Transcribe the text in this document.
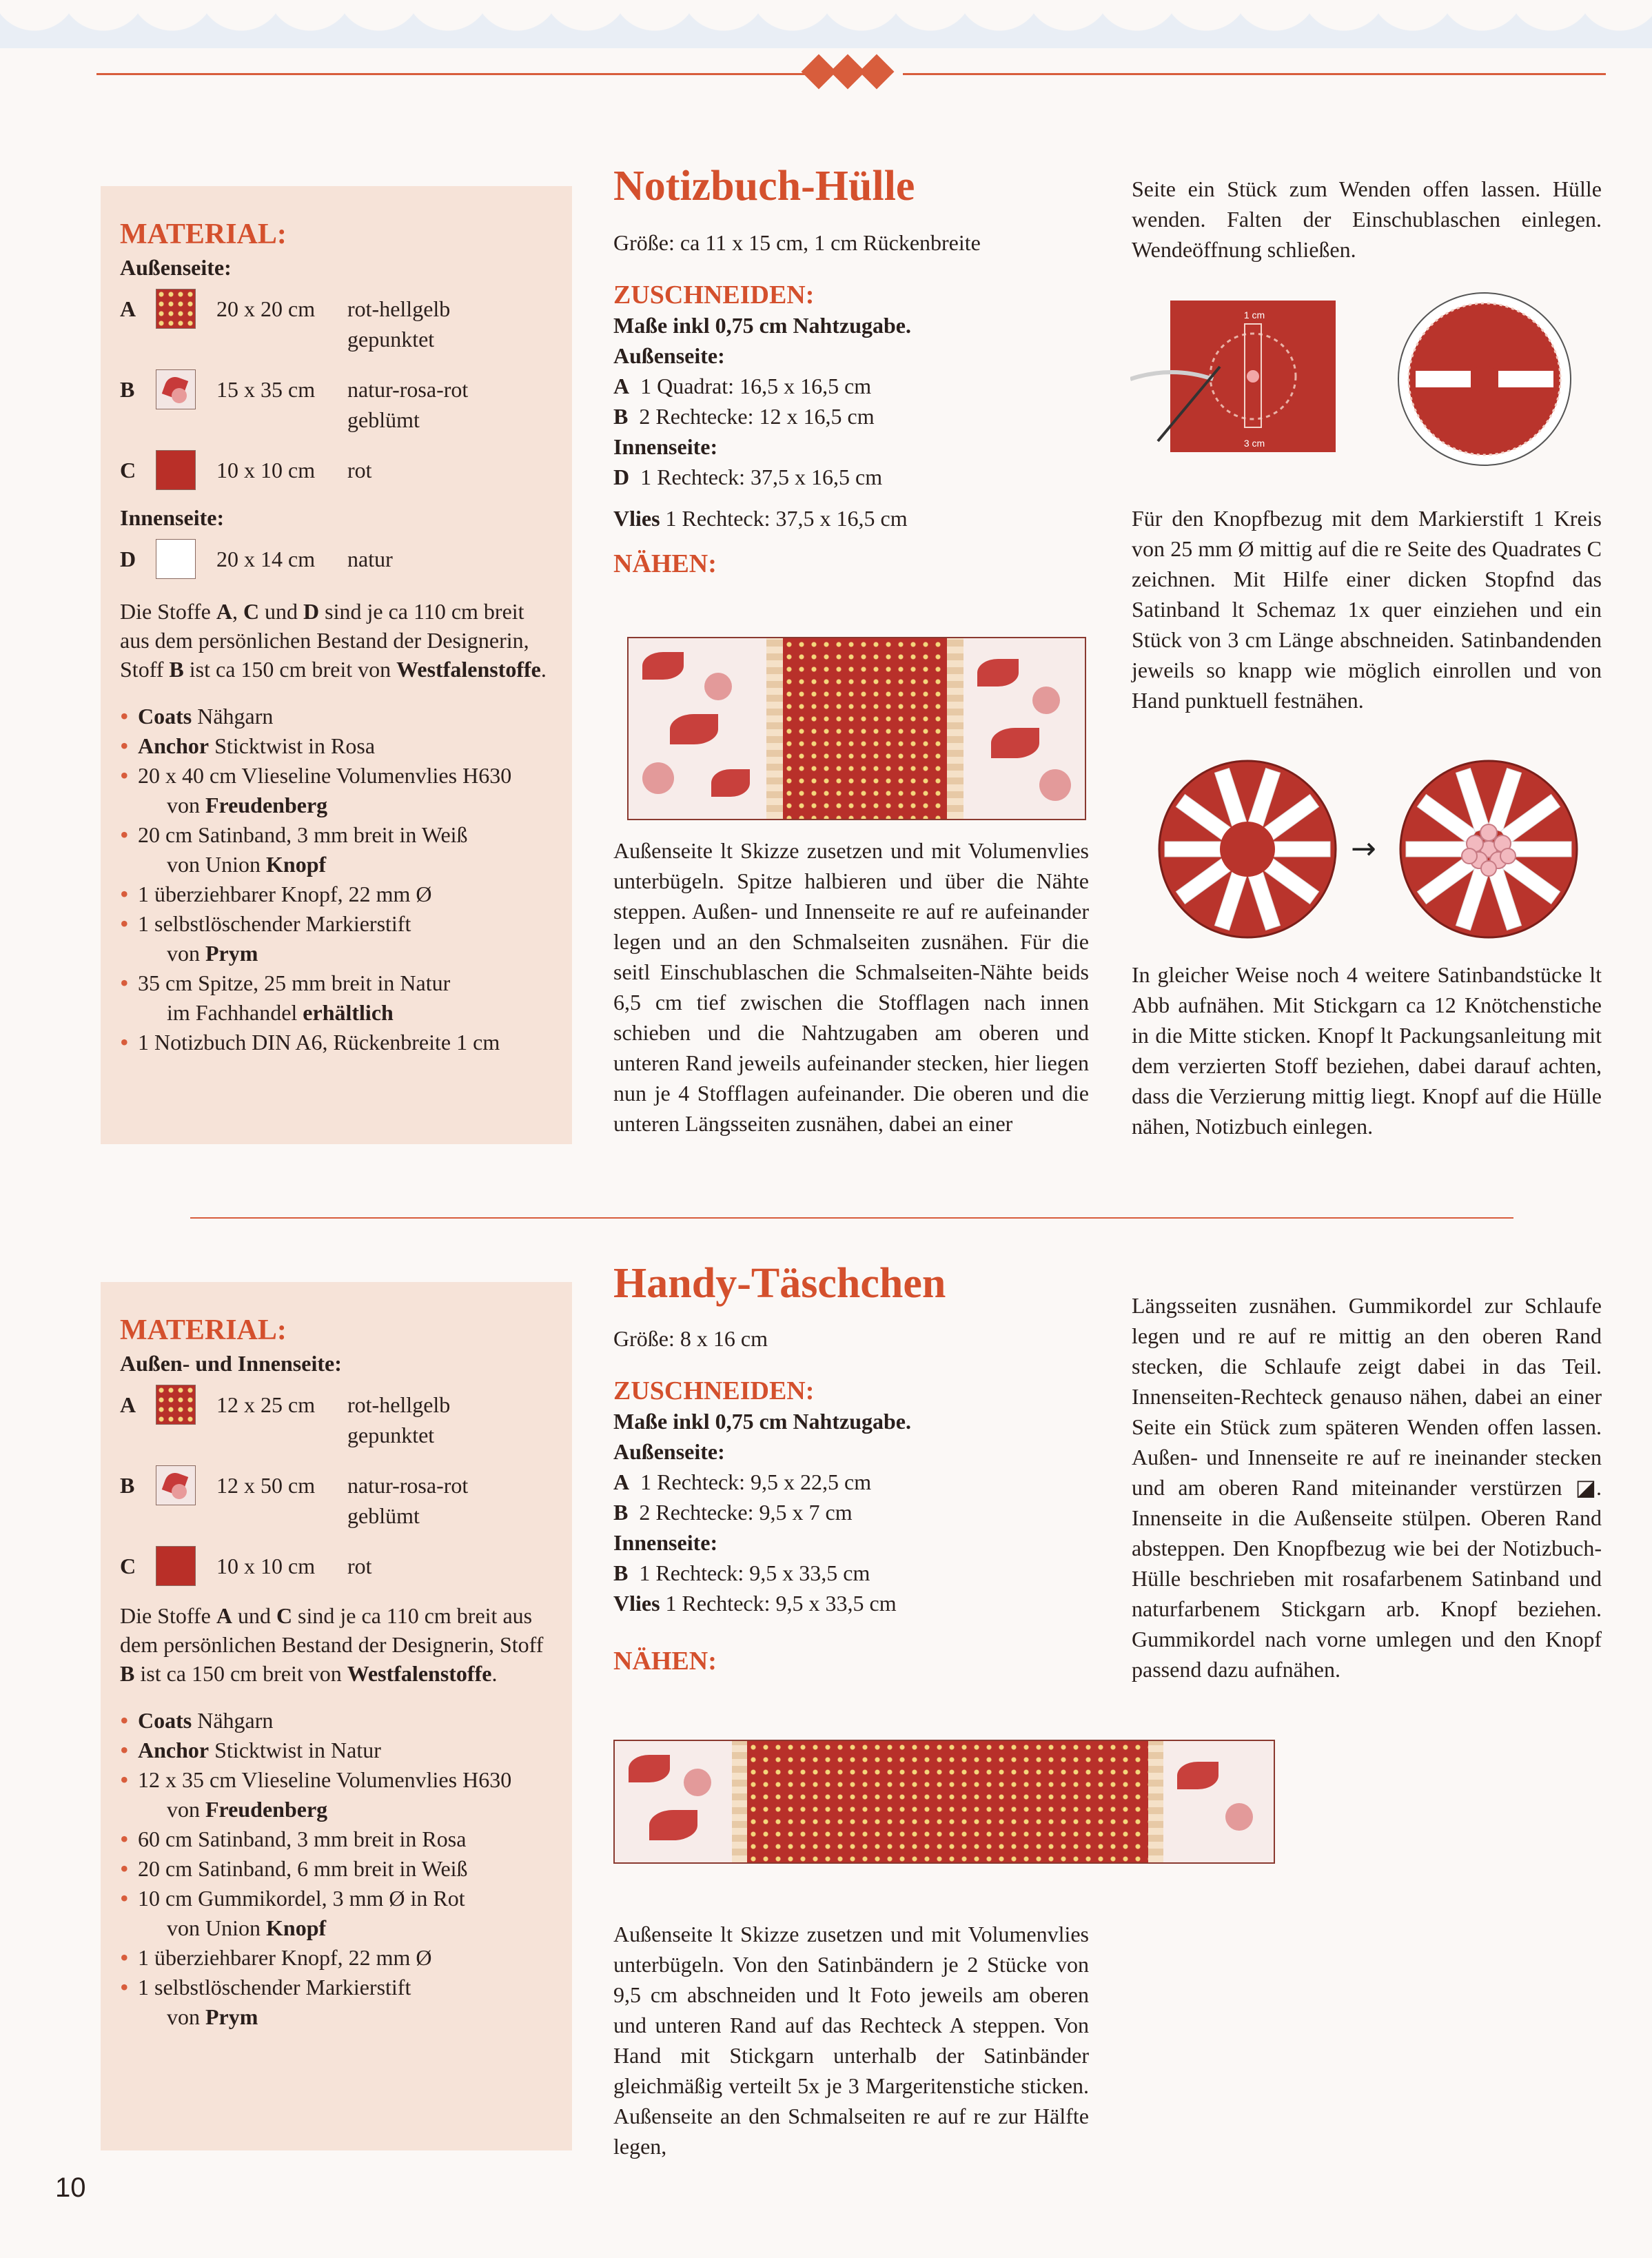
MATERIAL:
Außenseite:
A	20 x 20 cm	rot-hellgelb gepunktet
B	15 x 35 cm	natur-rosa-rot geblümt
C	10 x 10 cm	rot
Innenseite:
D	20 x 14 cm	natur

Die Stoffe A, C und D sind je ca 110 cm breit aus dem persönlichen Bestand der Designerin, Stoff B ist ca 150 cm breit von Westfalenstoffe.

• Coats Nähgarn
• Anchor Sticktwist in Rosa
• 20 x 40 cm Vlieseline Volumenvlies H630
von Freudenberg
• 20 cm Satinband, 3 mm breit in Weiß
von Union Knopf
• 1 überziehbarer Knopf, 22 mm Ø
• 1 selbstlöschender Markierstift
von Prym
• 35 cm Spitze, 25 mm breit in Natur
im Fachhandel erhältlich
• 1 Notizbuch DIN A6, Rückenbreite 1 cm
Notizbuch-Hülle

Größe: ca 11 x 15 cm, 1 cm Rückenbreite

ZUSCHNEIDEN:

Maße inkl 0,75 cm Nahtzugabe.

Außenseite:

A 1 Quadrat: 16,5 x 16,5 cm

B 2 Rechtecke: 12 x 16,5 cm

Innenseite:

D 1 Rechteck: 37,5 x 16,5 cm

Vlies 1 Rechteck: 37,5 x 16,5 cm

NÄHEN:

Außenseite lt Skizze zusetzen und mit Volumenvlies unterbügeln. Spitze halbieren und über die Nähte steppen. Außen- und Innenseite re auf re aufeinander legen und an den Schmalseiten zusnähen. Für die seitl Einschublaschen die Schmalseiten-Nähte beids 6,5 cm tief zwischen die Stofflagen nach innen schieben und die Nahtzugaben am oberen und unteren Rand jeweils aufeinander stecken, hier liegen nun je 4 Stofflagen aufeinander. Die oberen und die unteren Längsseiten zusnähen, dabei an einer

Seite ein Stück zum Wenden offen lassen. Hülle wenden. Falten der Einschublaschen einlegen. Wendeöffnung schließen.

1 cm
3 cm

Für den Knopfbezug mit dem Markierstift 1 Kreis von 25 mm Ø mittig auf die re Seite des Quadrates C zeichnen. Mit Hilfe einer dicken Stopfnd das Satinband lt Schemaz 1x quer einziehen und ein Stück von 3 cm Länge abschneiden. Satinbandenden jeweils so knapp wie möglich einrollen und von Hand punktuell festnähen.

→

In gleicher Weise noch 4 weitere Satinbandstücke lt Abb aufnähen. Mit Stickgarn ca 12 Knötchenstiche in die Mitte sticken. Knopf lt Packungsanleitung mit dem verzierten Stoff beziehen, dabei darauf achten, dass die Verzierung mittig liegt. Knopf auf die Hülle nähen, Notizbuch einlegen.

MATERIAL:
Außen- und Innenseite:
A	12 x 25 cm	rot-hellgelb gepunktet
B	12 x 50 cm	natur-rosa-rot geblümt
C	10 x 10 cm	rot

Die Stoffe A und C sind je ca 110 cm breit aus dem persönlichen Bestand der Designerin, Stoff B ist ca 150 cm breit von Westfalenstoffe.

• Coats Nähgarn
• Anchor Sticktwist in Natur
• 12 x 35 cm Vlieseline Volumenvlies H630
von Freudenberg
• 60 cm Satinband, 3 mm breit in Rosa
• 20 cm Satinband, 6 mm breit in Weiß
• 10 cm Gummikordel, 3 mm Ø in Rot
von Union Knopf
• 1 überziehbarer Knopf, 22 mm Ø
• 1 selbstlöschender Markierstift
von Prym
Handy-Täschchen

Größe: 8 x 16 cm

ZUSCHNEIDEN:

Maße inkl 0,75 cm Nahtzugabe.

Außenseite:

A 1 Rechteck: 9,5 x 22,5 cm

B 2 Rechtecke: 9,5 x 7 cm

Innenseite:

B 1 Rechteck: 9,5 x 33,5 cm

Vlies 1 Rechteck: 9,5 x 33,5 cm

NÄHEN:

Außenseite lt Skizze zusetzen und mit Volumenvlies unterbügeln. Von den Satinbändern je 2 Stücke von 9,5 cm abschneiden und lt Foto jeweils am oberen und unteren Rand auf das Rechteck A steppen. Von Hand mit Stickgarn unterhalb der Satinbänder gleichmäßig verteilt 5x je 3 Margeritenstiche sticken. Außenseite an den Schmalseiten re auf re zur Hälfte legen,

Längsseiten zusnähen. Gummikordel zur Schlaufe legen und re auf re mittig an den oberen Rand stecken, die Schlaufe zeigt dabei in das Teil. Innenseiten-Rechteck genauso nähen, dabei an einer Seite ein Stück zum späteren Wenden offen lassen. Außen- und Innenseite re auf re ineinander stecken und am oberen Rand miteinander verstürzen ◪. Innenseite in die Außenseite stülpen. Oberen Rand absteppen. Den Knopfbezug wie bei der Notizbuch-Hülle beschrieben mit rosafarbenem Satinband und naturfarbenem Stickgarn arb. Knopf beziehen. Gummikordel nach vorne umlegen und den Knopf passend dazu aufnähen.

10
